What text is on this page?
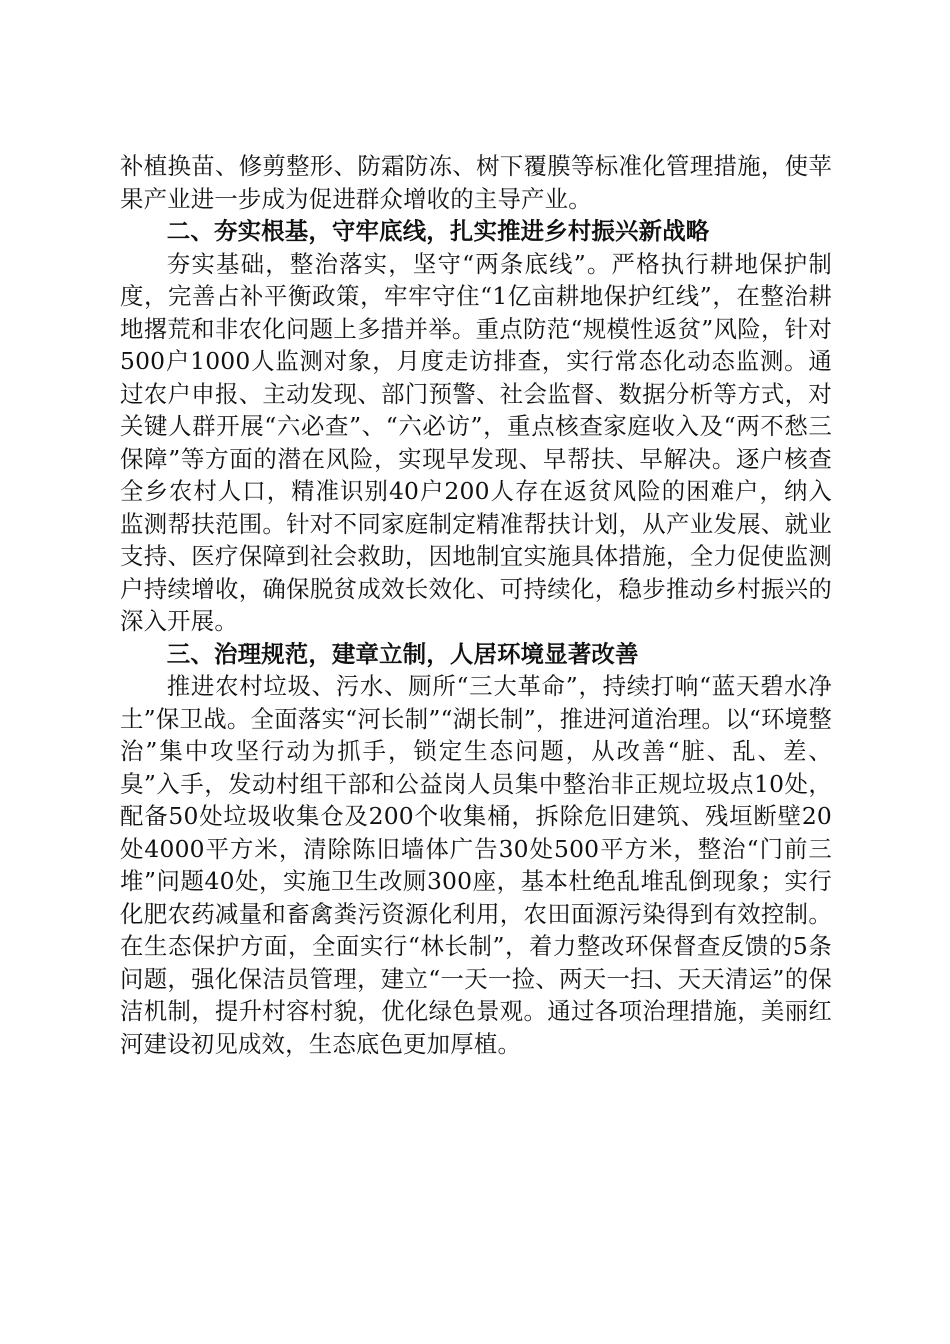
补植换苗、修剪整形、防霜防冻、树下覆膜等标准化管理措施，使苹果产业进一步成为促进群众增收的主导产业。

二、夯实根基，守牢底线，扎实推进乡村振兴新战略

夯实基础，整治落实，坚守“两条底线”。严格执行耕地保护制度，完善占补平衡政策，牢牢守住“1亿亩耕地保护红线”，在整治耕地撂荒和非农化问题上多措并举。重点防范“规模性返贫”风险，针对500户1000人监测对象，月度走访排查，实行常态化动态监测。通过农户申报、主动发现、部门预警、社会监督、数据分析等方式，对关键人群开展“六必查”、“六必访”，重点核查家庭收入及“两不愁三保障”等方面的潜在风险，实现早发现、早帮扶、早解决。逐户核查全乡农村人口，精准识别40户200人存在返贫风险的困难户，纳入监测帮扶范围。针对不同家庭制定精准帮扶计划，从产业发展、就业支持、医疗保障到社会救助，因地制宜实施具体措施，全力促使监测户持续增收，确保脱贫成效长效化、可持续化，稳步推动乡村振兴的深入开展。

三、治理规范，建章立制，人居环境显著改善

推进农村垃圾、污水、厕所“三大革命”，持续打响“蓝天碧水净土”保卫战。全面落实“河长制”“湖长制”，推进河道治理。以“环境整治”集中攻坚行动为抓手，锁定生态问题，从改善“脏、乱、差、臭”入手，发动村组干部和公益岗人员集中整治非正规垃圾点10处，配备50处垃圾收集仓及200个收集桶，拆除危旧建筑、残垣断壁20处4000平方米，清除陈旧墙体广告30处500平方米，整治“门前三堆”问题40处，实施卫生改厕300座，基本杜绝乱堆乱倒现象；实行化肥农药减量和畜禽粪污资源化利用，农田面源污染得到有效控制。在生态保护方面，全面实行“林长制”，着力整改环保督查反馈的5条问题，强化保洁员管理，建立“一天一捡、两天一扫、天天清运”的保洁机制，提升村容村貌，优化绿色景观。通过各项治理措施，美丽红河建设初见成效，生态底色更加厚植。
